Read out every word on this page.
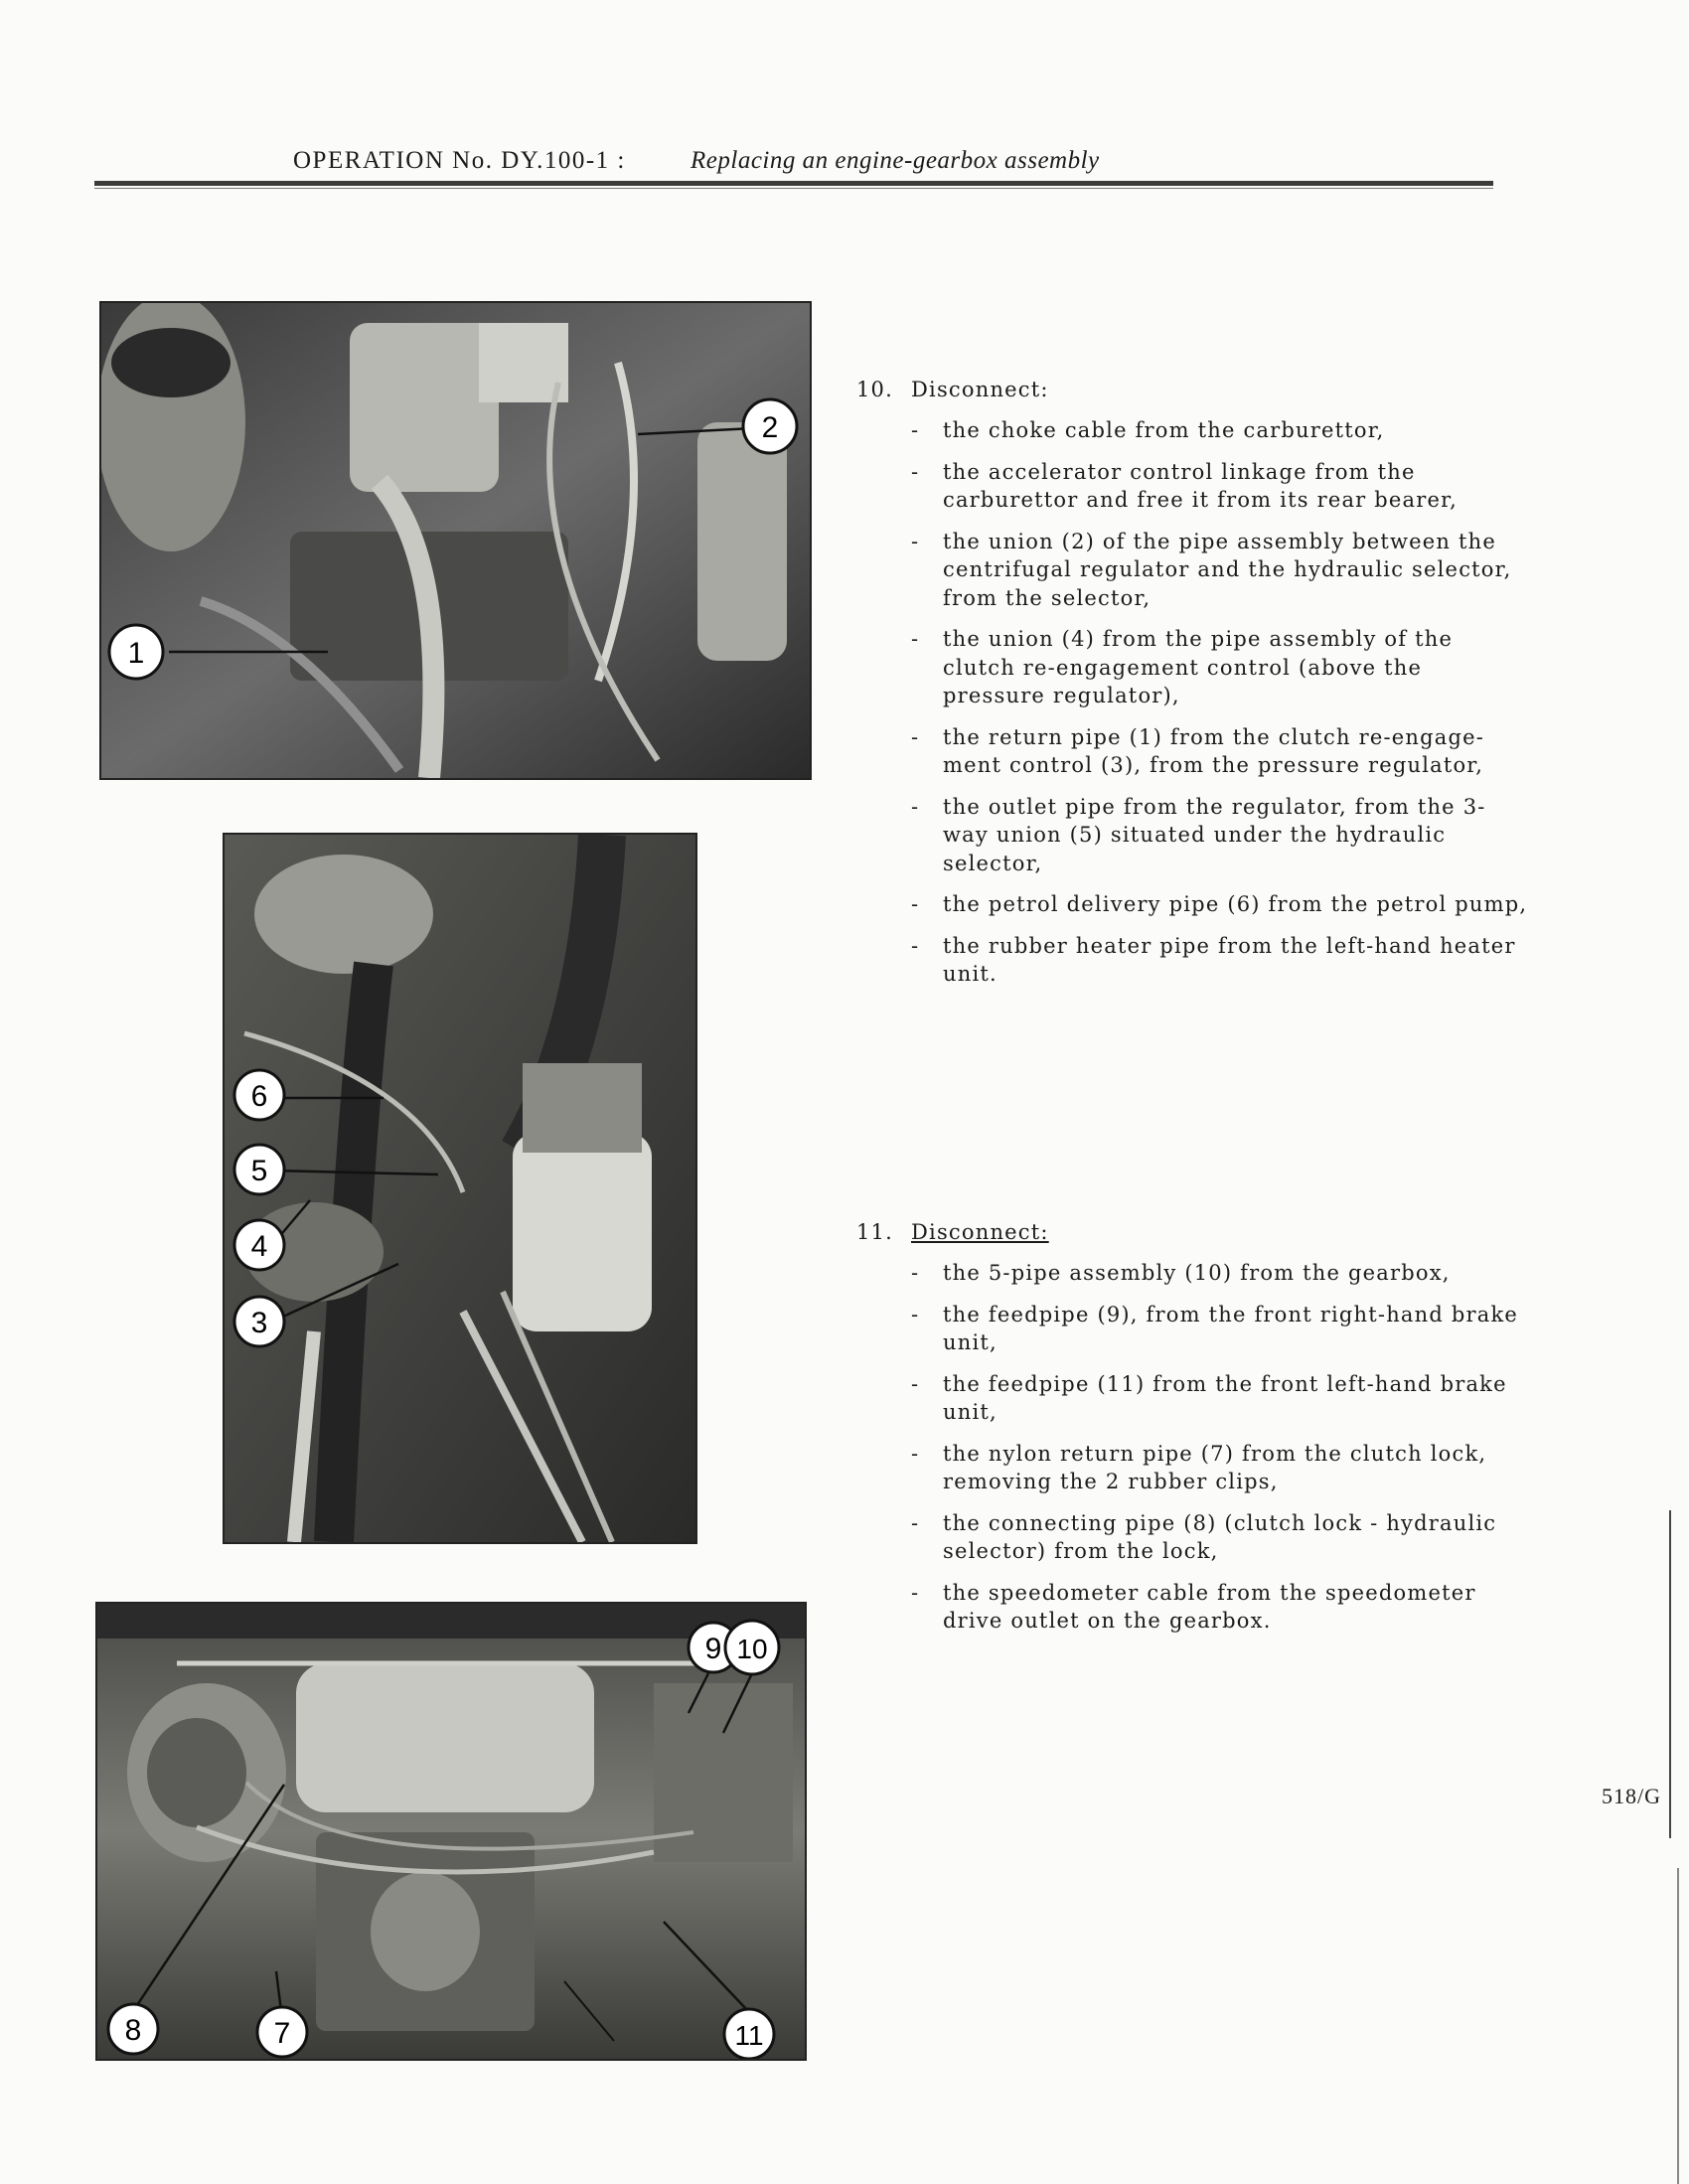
OPERATION No. DY.100-1 :	Replacing an engine-gearbox assembly
1
2
6
5
4
3
9 10
8	7	11
10. Disconnect:
- the choke cable from the carburettor,
- the accelerator control linkage from the carburettor and free it from its rear bearer,
- the union (2) of the pipe assembly between the centrifugal regulator and the hydraulic selector, from the selector,
- the union (4) from the pipe assembly of the clutch re-engagement control (above the pressure regulator),
- the return pipe (1) from the clutch re-engage-ment control (3), from the pressure regulator,
- the outlet pipe from the regulator, from the 3-way union (5) situated under the hydraulic selector,
- the petrol delivery pipe (6) from the petrol pump,
- the rubber heater pipe from the left-hand heater unit.
11. Disconnect:
- the 5-pipe assembly (10) from the gearbox,
- the feedpipe (9), from the front right-hand brake unit,
- the feedpipe (11) from the front left-hand brake unit,
- the nylon return pipe (7) from the clutch lock, removing the 2 rubber clips,
- the connecting pipe (8) (clutch lock - hydraulic selector) from the lock,
- the speedometer cable from the speedometer drive outlet on the gearbox.
518/G
